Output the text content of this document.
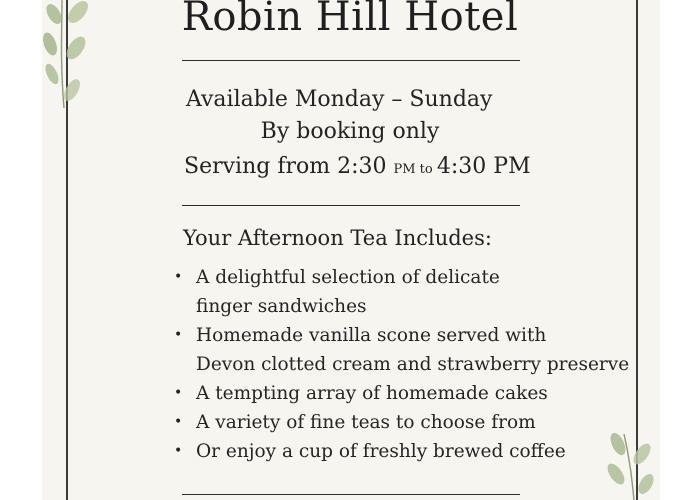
Robin Hill Hotel
Available Monday – Sunday
By booking only
Serving from 2:30 PM to 4:30 PM
Your Afternoon Tea Includes:
• A delightful selection of delicate
finger sandwiches
• Homemade vanilla scone served with
Devon clotted cream and strawberry preserve
• A tempting array of homemade cakes
• A variety of fine teas to choose from
• Or enjoy a cup of freshly brewed coffee
